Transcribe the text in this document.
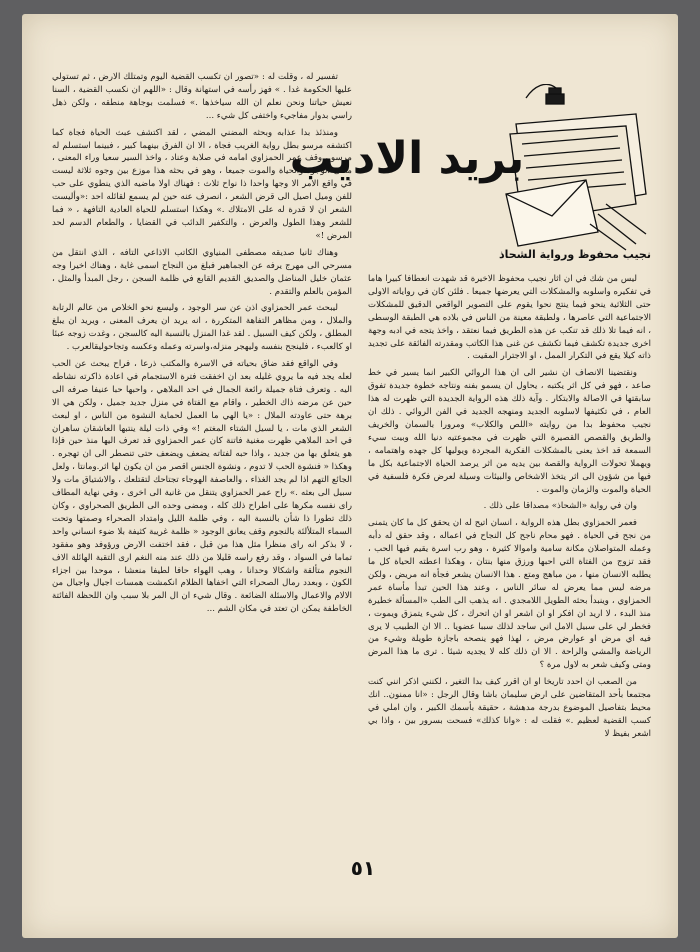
تفسير له ، وقلت له : «تصور ان تكسب القضية اليوم وتمتلك الارض ، ثم تستولي عليها الحكومة غدا . » فهز رأسه في استهانة وقال : «اللهم ان نكسب القضية ، السنا نعيش حياتنا ونحن نعلم ان الله سياخذها .» فسلمت بوجاهة منطقه ، ولكن ذهل راسي بدوار مفاجيء واختفى كل شيء ...

ومنذئذ بدا عذابه وبحثه المضني المضي ، لقد اكتشف عبث الحياة فجاة كما اكتشفه مرسو بطل رواية الغريب فجاة ، الا ان الفرق بينهما كبير ، فبينما استسلم له مرسو ، وقف عمر الحمزاوي امامه في صلابة وعناد ، واخذ السير سعيا وراء المعنى ، معنى الوجود والحياة والموت جميعا ، وهو في بحثه هذا موزع بين وجوه ثلاثة ليست في واقع الامر الا وجها واحدا ذا نواح ثلاث : فهناك اولا ماضيه الذي ينطوي على حب للفن وميل اصيل الى قرض الشعر ، انصرف عنه حين لم يسمع لقائله احد :«وأليست الشعر ان لا قدرة له على الامتلاك .» وهكذا استسلم للحياة العادية التافهة ، « فما للشعر وهذا الطول والعرض ، والتكفير الدائب في القضايا ، والطعام الدسم لحد المرض !»

وهناك ثانيا صديقه مصطفى المنياوي الكاتب الاذاعي التافه ، الذي انتقل من مسرحي الى مهرج يرفه عن الجماهير فبلغ من النجاح اسمى غاية ، وهناك اخيرا وجه عثمان خليل المناضل والصديق القديم القابع في ظلمة السجن ، رجل المبدأ والمثل ، المؤمن بالعلم والتقدم .

ليبحث عمر الحمزاوي اذن عن سر الوجود ، وليسع نحو الخلاص من عالم الرتابة والملال ، ومن مظاهر التفاهة المتكررة ، انه يريد ان يعرف المعنى ، ويريد ان يبلغ المطلق ، ولكن كيف السبيل . لقد غدا المنزل بالنسبة اليه كالسجن ، وغدت زوجه عبئا او كالعبء ، فلينجح بنفسه وليهجر منزله،واسرته وعمله وعكسه وتجاحوليقالعرب .

وفي الواقع فقد ضاق بحياته في الاسرة والمكتب ذرعا ، فراح يبحث عن الحب لعله يجد فيه ما يروي غليله بعد ان اخفقت فترة الاستجمام في اعادة ذاكرته نشاطه اليه . وتعرف فتاة جميلة رائعة الجمال في احد الملاهي ، واحبها حبا عنيفا صرفه الى حين عن مرضه ذاك الخطير ، واقام مع الفتاة في منزل جديد جميل ، ولكن هي الا برهة حتى عاودته الملال : «يا الهي ما العمل لحماية النشوة من الناس ، او لبعث الشعر الذي مات ، يا لسيل الشتاء المغتم !» وفي ذات ليلة ينتبها العاشقان ساهران في احد الملاهي ظهرت مغنية فاتنة كان عمر الحمزاوي قد تعرف اليها منذ حين فإذا هو يتعلق بها من جديد ، واذا حبه لفتاته يضعف ويضعف حتى تنصطر الى ان تهجره . وهكذا « فنشوة الحب لا تدوم ، ونشوة الجنس اقصر من ان يكون لها اثر.ومانتا ، ولعل الجائع التهم اذا لم يجد الغذاء ، والعاصفة الهوجاء تجتاحك لتقتلعك ، والاشتياق مات ولا سبيل الى بعثه .» راح عمر الحمزاوي يتنقل من غانية الى اخرى ، وفي نهاية المطاف راى نفسه مكرها على اطراح ذلك كله ، ومضى وحده الى الطريق الصحراوي ، وكان ذلك تطورا ذا شأن بالنسبة اليه ، وفي ظلمة الليل وامتداد الصحراء وصمتها وتحت السماء المتلألئة بالنجوم وقف يعانق الوجود « ظلمة غريبة كثيفة بلا ضوء انساني واحد ، لا بذكر انه راى منظرا مثل هذا من قبل ، فقد اختفت الارض ورؤوفد وهو مفقود تماما في السواد ، وقد رفع راسه قليلا من ذلك عند منه النغم ارى التقبة الهائلة الاف النجوم متألقة واشكالا وحدانا ، وهب الهواء حافا لطيفا منعشا ، موحدا بين اجزاء الكون ، وبعدد رمال الصحراء التي اخفاها الظلام انكمشت همسات اجيال واجيال من الالام والاعمال والاسئلة الضائعة . وقال شيء ان ال المر بلا سبب وان اللحظة الفائتة الخاطفة يمكن ان تعتد في مكان الشم ...

بريد الاديب
نجيب محفوظ ورواية الشحاذ

ليس من شك في ان اثار نجيب محفوظ الاخيرة قد شهدت انعطافا كبيرا هاما في تفكيره واسلوبه والمشكلات التي يعرضها جميعا . فلئن كان في رواياته الاولى حتى الثلاثية ينحو فيما ينتج نحوا يقوم على التصوير الواقعي الدقيق للمشكلات الاجتماعية التي عاصرها ، ولطبقة معينة من الناس في بلاده هي الطبقة الوسطى ، انه فيما تلا ذلك قد تنكب عن هذه الطريق فيما نعتقد ، واخذ يتجه في ادبه وجهة اخرى جديدة تكشف فيما تكشف عن غنى هذا الكاتب ومقدرته الفائقة على تجديد ذاته كيلا يقع في التكرار الممل ، او الاجترار المقيت .

ونقتضينا الانصاف ان نشير الى ان هذا الروائي الكبير انما يسير في خط صاعد ، فهو في كل اثر يكتبه ، يحاول ان يسمو بفنه ونتاجه خطوة جديدة تفوق سابقتها في الاصالة والابتكار . وآية ذلك هذه الرواية الجديدة التي ظهرت له هذا العام ، في تكثيفها لاسلوبه الجديد ومنهجه الجديد في الفن الروائي . ذلك ان نجيب محفوظ بدا من روايته «اللص والكلاب» ومرورا بالسمان والخريف والطريق والقصص القصيرة التي ظهرت في مجموعتيه دنيا الله وبيت سيء السمعة قد اخذ يعنى بالمشكلات الفكرية المجردة ويوليها كل جهده واهتمامه ، ويهملا تحولات الرواية والقصة بين يديه من اثر يرصد الحياة الاجتماعية بكل ما فيها من شؤون الى اثر يتخذ الاشخاص والبيئات وسيلة لعرض فكرة فلسفية في الحياة والموت والزمان والموت .

وان في رواية «الشحاذ» مصداقا على ذلك .

فعمر الحمزاوي بطل هذه الرواية ، انسان اتيح له ان يحقق كل ما كان يتمنى من نجح في الحياة . فهو محام ناجح كل النجاح في اعماله ، وقد حقق له دأبه وعمله المتواصلان مكانة سامية واموالا كثيرة ، وهو رب اسرة يقيم فيها الحب ، فقد تزوج من الفتاة التي احبها ورزق منها بنتان ، وهكذا اعطته الحياة كل ما يطلبه الانسان منها ، من مباهج ومتع . هذا الانسان يشعر فجأة انه مريض ، ولكن مرضه ليس مما يعرض له سائر الناس ، وعند هذا الحين تبدأ مأساة عمر الحمزاوي ، وينبدأ بحثه الطويل اللامجدي . انه يذهب الى الطب «المسألة خطيرة منذ البدء ، لا اريد ان افكر او ان اشعر او ان اتحرك ، كل شيء يتمزق ويموت ، فخطر لي على سبيل الامل اني ساجد لذلك سببا عضويا .. الا ان الطبيب لا يرى فيه اي مرض او عوارض مرض ، لهذا فهو ينصحه باجازة طويلة وشيء من الرياضة والمشي والراحة . الا ان ذلك كله لا يجديه شيئا . ترى ما هذا المرض ومتى وكيف شعر به لاول مرة ؟

من الصعب ان احدد تاريخا او ان اقرر كيف بدا التغير ، لكنني اذكر انني كنت مجتمعا بأحد المتقاضين على ارض سليمان باشا وقال الرجل : «انا ممنون.. انك محيط بتفاصيل الموضوع بدرجة مدهشة ، حقيقة بأسمك الكبير ، وان املي في كسب القضية لعظيم .» فقلت له : «وانا كذلك» فسحت بسرور بين ، واذا بي اشعر بفيظ لا

٥١
